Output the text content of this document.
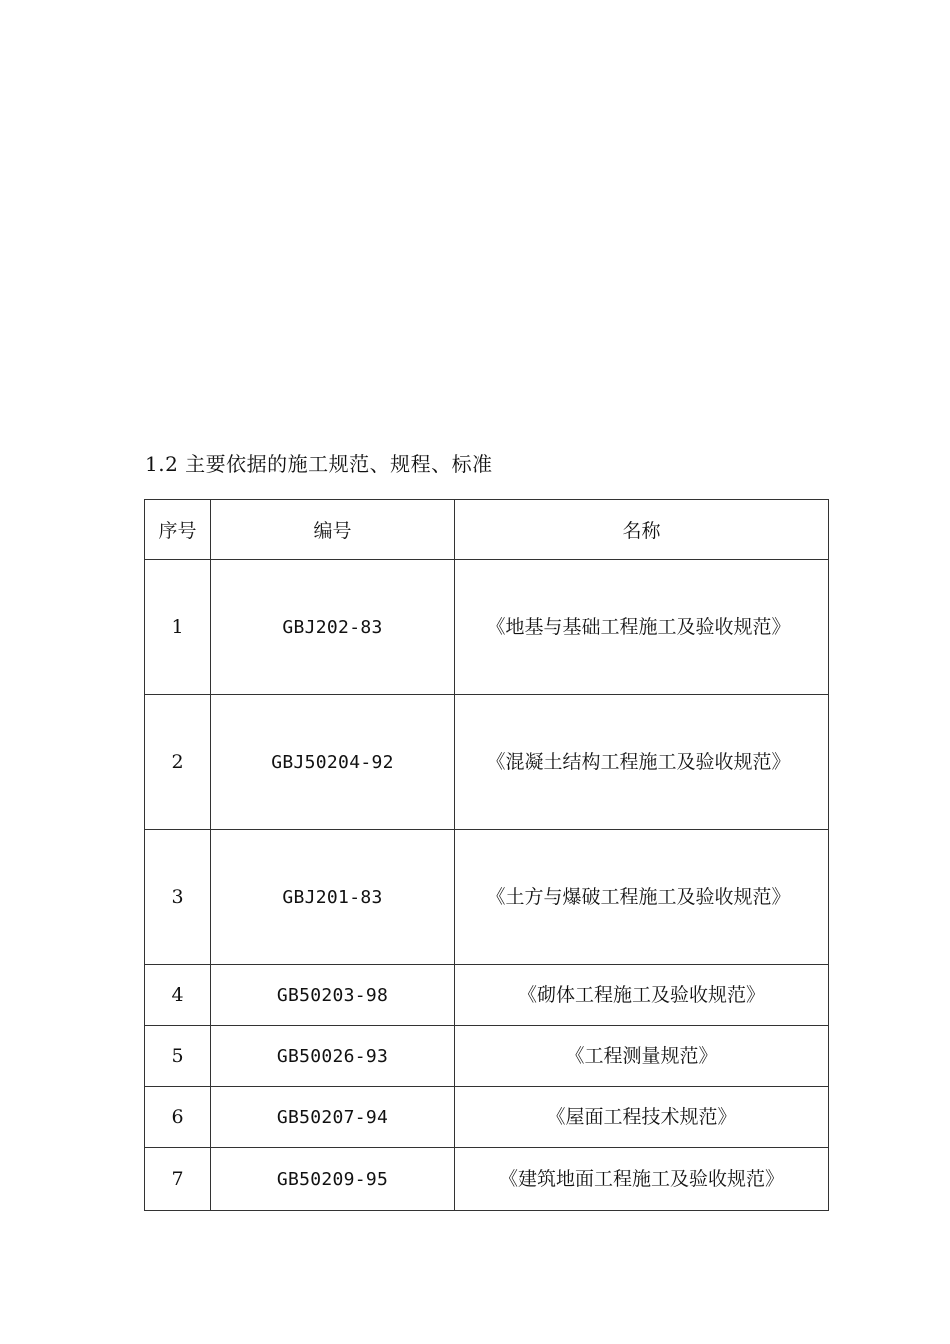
1.2 主要依据的施工规范、规程、标准
序号	编号	名称
1	GBJ202-83	《地基与基础工程施工及验收规范》

2	GBJ50204-92	《混凝土结构工程施工及验收规范》

3	GBJ201-83	《土方与爆破工程施工及验收规范》

4	GB50203-98	《砌体工程施工及验收规范》

5	GB50026-93	《工程测量规范》

6	GB50207-94	《屋面工程技术规范》

7	GB50209-95	《建筑地面工程施工及验收规范》
